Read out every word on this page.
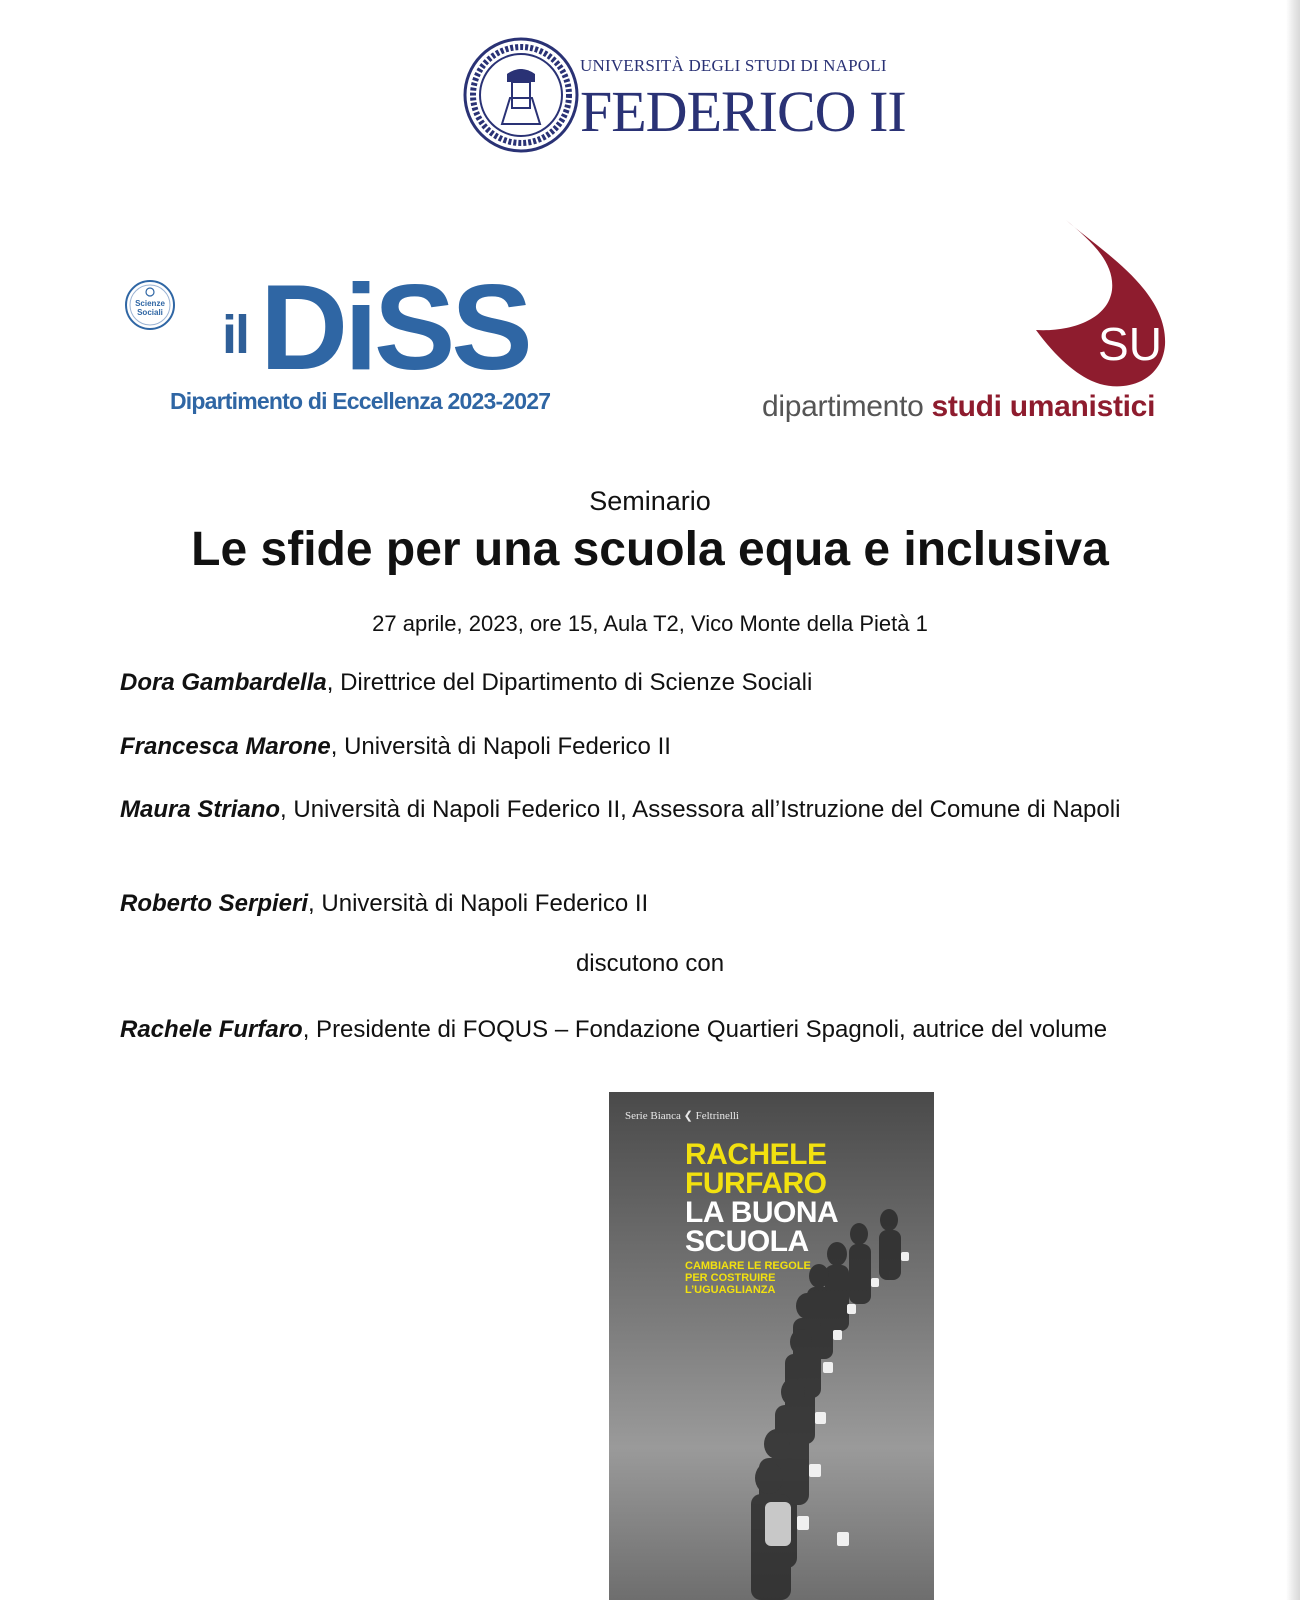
UNIVERSITÀ DEGLI STUDI DI NAPOLI
FEDERICO II
Scienze
Sociali il DiSS
Dipartimento di Eccellenza 2023-2027
SU
dipartimento studi umanistici
Seminario
Le sfide per una scuola equa e inclusiva
27 aprile, 2023, ore 15, Aula T2, Vico Monte della Pietà 1
Dora Gambardella, Direttrice del Dipartimento di Scienze Sociali
Francesca Marone, Università di Napoli Federico II
Maura Striano, Università di Napoli Federico II, Assessora all’Istruzione del Comune di Napoli
Roberto Serpieri, Università di Napoli Federico II
discutono con
Rachele Furfaro, Presidente di FOQUS – Fondazione Quartieri Spagnoli, autrice del volume
Serie Bianca ❮ Feltrinelli
RACHELE
FURFARO
LA BUONA
SCUOLA
CAMBIARE LE REGOLE
PER COSTRUIRE
L’UGUAGLIANZA
